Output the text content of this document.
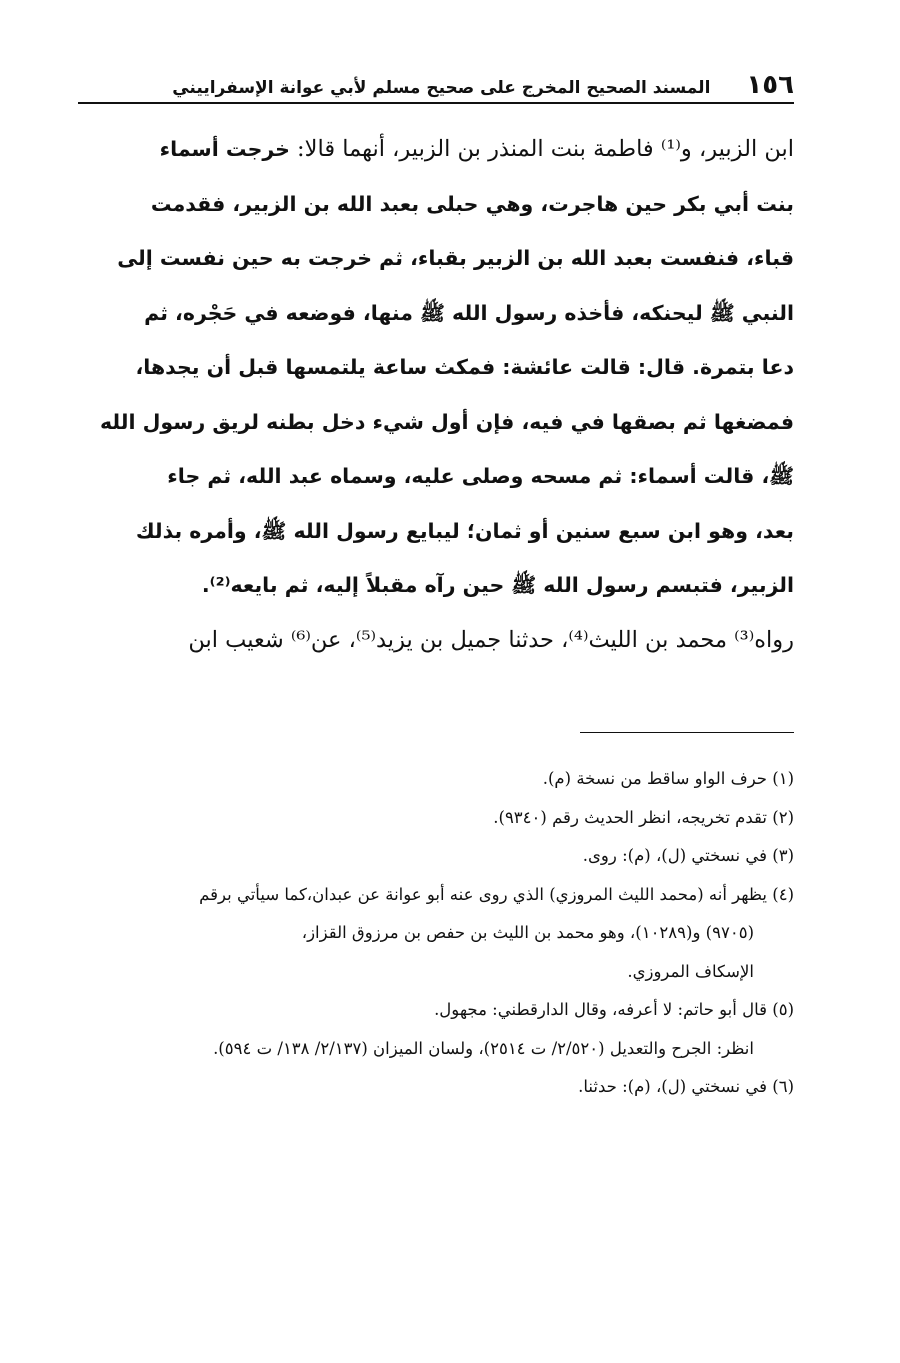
١٥٦
المسند الصحيح المخرج على صحيح مسلم لأبي عوانة الإسفراييني
ابن الزبير، و⁽¹⁾ فاطمة بنت المنذر بن الزبير، أنهما قالا: خرجت أسماء
بنت أبي بكر حين هاجرت، وهي حبلى بعبد الله بن الزبير، فقدمت
قباء، فنفست بعبد الله بن الزبير بقباء، ثم خرجت به حين نفست إلى
النبي ﷺ ليحنكه، فأخذه رسول الله ﷺ منها، فوضعه في حَجْره، ثم
دعا بتمرة. قال: قالت عائشة: فمكث ساعة يلتمسها قبل أن يجدها،
فمضغها ثم بصقها في فيه، فإن أول شيء دخل بطنه لريق رسول الله
ﷺ، قالت أسماء: ثم مسحه وصلى عليه، وسماه عبد الله، ثم جاء
بعد، وهو ابن سبع سنين أو ثمان؛ ليبايع رسول الله ﷺ، وأمره بذلك
الزبير، فتبسم رسول الله ﷺ حين رآه مقبلاً إليه، ثم بايعه⁽²⁾.
رواه⁽³⁾ محمد بن الليث⁽⁴⁾، حدثنا جميل بن يزيد⁽⁵⁾، عن⁽⁶⁾ شعيب ابن
(١) حرف الواو ساقط من نسخة (م).
(٢) تقدم تخريجه، انظر الحديث رقم (٩٣٤٠).
(٣) في نسختي (ل)، (م): روى.
(٤) يظهر أنه (محمد الليث المروزي) الذي روى عنه أبو عوانة عن عبدان،كما سيأتي برقم
(٩٧٠٥) و(١٠٢٨٩)، وهو محمد بن الليث بن حفص بن مرزوق القزاز،
الإسكاف المروزي.
(٥) قال أبو حاتم: لا أعرفه، وقال الدارقطني: مجهول.
انظر: الجرح والتعديل (٢/٥٢٠/ ت ٢٥١٤)، ولسان الميزان (٢/١٣٧/ ١٣٨/ ت ٥٩٤).
(٦) في نسختي (ل)، (م): حدثنا.
